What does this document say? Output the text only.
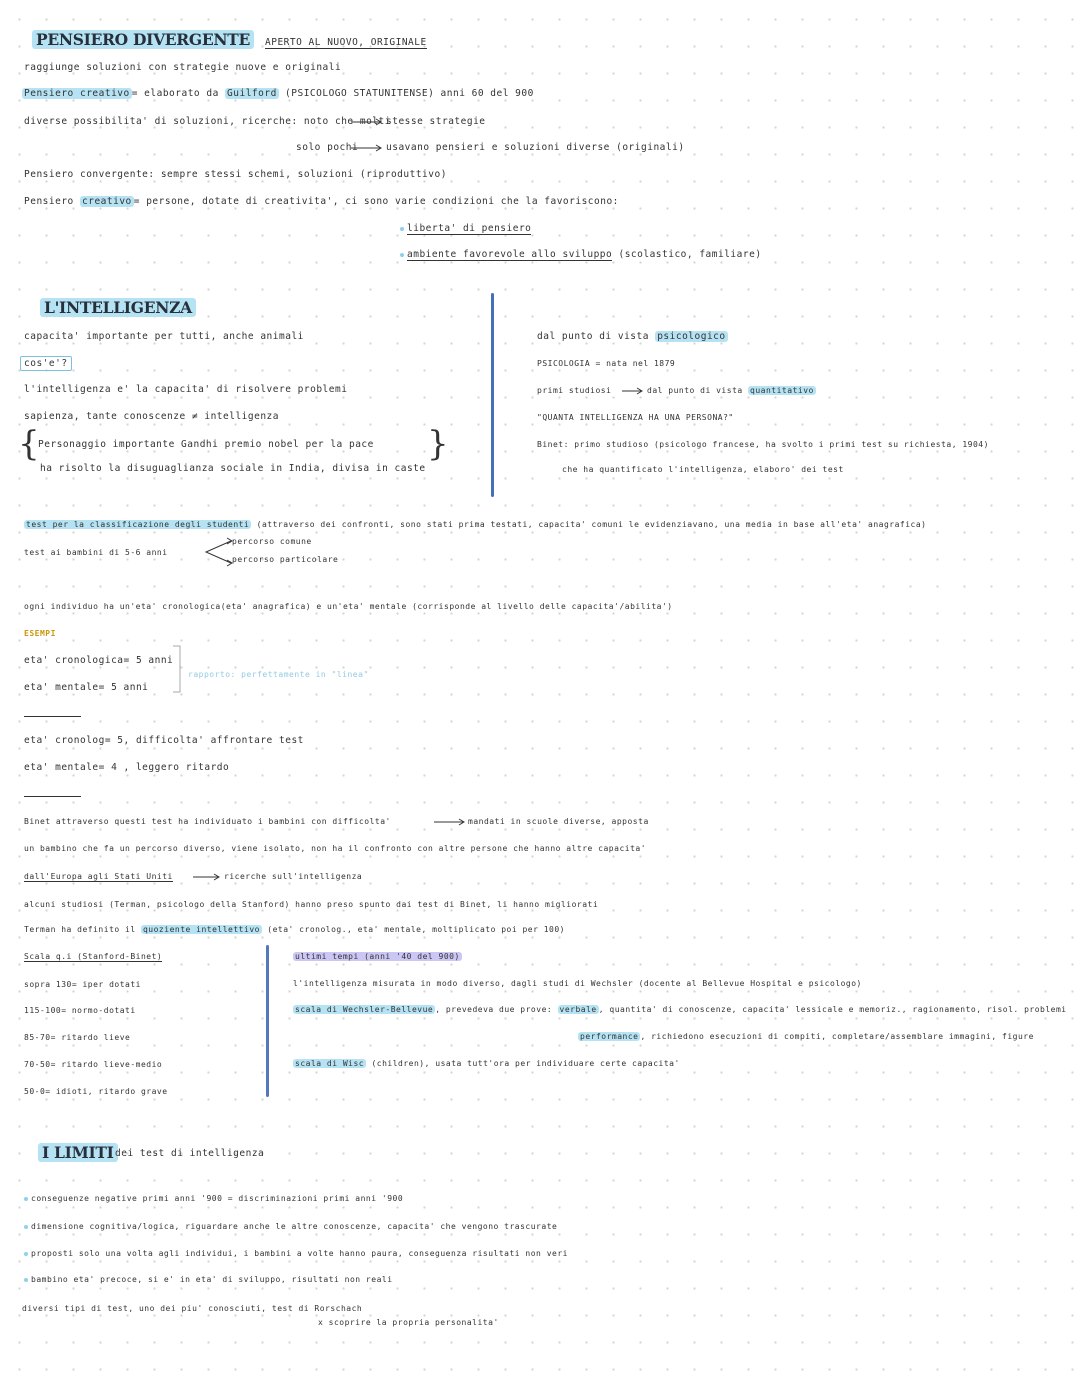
PENSIERO DIVERGENTE	APERTO AL NUOVO, ORIGINALE
raggiunge soluzioni con strategie nuove e originali
Pensiero creativo = elaborato da Guilford (PSICOLOGO STATUNITENSE) anni 60 del 900
diverse possibilita' di soluzioni, ricerche: noto che molti
stesse strategie
solo pochi	usavano pensieri e soluzioni diverse (originali)
Pensiero convergente: sempre stessi schemi, soluzioni (riproduttivo)
Pensiero creativo = persone, dotate di creativita', ci sono varie condizioni che la favoriscono:
liberta' di pensiero
ambiente favorevole allo sviluppo (scolastico, familiare)
L'INTELLIGENZA
capacita' importante per tutti, anche animali
cos'e'?
l'intelligenza e' la capacita' di risolvere problemi
sapienza, tante conoscenze ≠ intelligenza
{
Personaggio importante Gandhi premio nobel per la pace
ha risolto la disuguaglianza sociale in India, divisa in caste
}
dal punto di vista psicologico
PSICOLOGIA = nata nel 1879
primi studiosi	dal punto di vista quantitativo
"QUANTA INTELLIGENZA HA UNA PERSONA?"
Binet: primo studioso (psicologo francese, ha svolto i primi test su richiesta, 1904)
che ha quantificato l'intelligenza, elaboro' dei test
test per la classificazione degli studenti (attraverso dei confronti, sono stati prima testati, capacita' comuni le evidenziavano, una media in base all'eta' anagrafica)
test ai bambini di 5-6 anni
percorso comune
percorso particolare
ogni individuo ha un'eta' cronologica(eta' anagrafica) e un'eta' mentale (corrisponde al livello delle capacita'/abilita')
ESEMPI
eta' cronologica= 5 anni
eta' mentale= 5 anni
rapporto: perfettamente in "linea"
eta' cronolog= 5, difficolta' affrontare test
eta' mentale= 4 , leggero ritardo
Binet attraverso questi test ha individuato i bambini con difficolta'	mandati in scuole diverse, apposta
un bambino che fa un percorso diverso, viene isolato, non ha il confronto con altre persone che hanno altre capacita'
dall'Europa agli Stati Uniti	ricerche sull'intelligenza
alcuni studiosi (Terman, psicologo della Stanford) hanno preso spunto dai test di Binet, li hanno migliorati
Terman ha definito il quoziente intellettivo (eta' cronolog., eta' mentale, moltiplicato poi per 100)
Scala q.i (Stanford-Binet)
sopra 130= iper dotati
115-100= normo-dotati
85-70= ritardo lieve
70-50= ritardo lieve-medio
50-0= idioti, ritardo grave
ultimi tempi (anni '40 del 900)
l'intelligenza misurata in modo diverso, dagli studi di Wechsler (docente al Bellevue Hospital e psicologo)
scala di Wechsler-Bellevue , prevedeva due prove: verbale , quantita' di conoscenze, capacita' lessicale e memoriz., ragionamento, risol. problemi
performance , richiedono esecuzioni di compiti, completare/assemblare immagini, figure
scala di Wisc (children), usata tutt'ora per individuare certe capacita'
I LIMITI dei test di intelligenza
conseguenze negative primi anni '900 = discriminazioni primi anni '900
dimensione cognitiva/logica, riguardare anche le altre conoscenze, capacita' che vengono trascurate
proposti solo una volta agli individui, i bambini a volte hanno paura, conseguenza risultati non veri
bambino eta' precoce, si e' in eta' di sviluppo, risultati non reali
diversi tipi di test, uno dei piu' conosciuti, test di Rorschach
x scoprire la propria personalita'
